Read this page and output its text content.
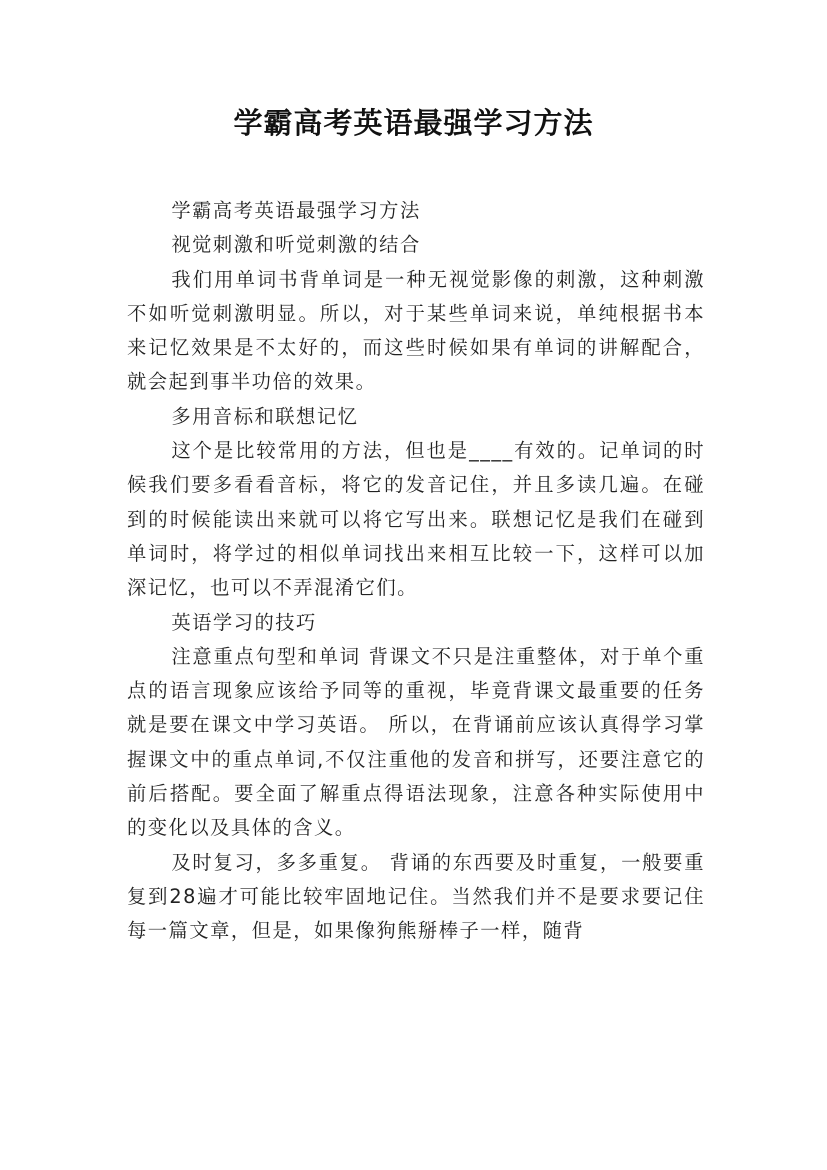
学霸高考英语最强学习方法

学霸高考英语最强学习方法

视觉刺激和听觉刺激的结合

我们用单词书背单词是一种无视觉影像的刺激，这种刺激不如听觉刺激明显。所以，对于某些单词来说，单纯根据书本来记忆效果是不太好的，而这些时候如果有单词的讲解配合，就会起到事半功倍的效果。

多用音标和联想记忆

这个是比较常用的方法，但也是____有效的。记单词的时候我们要多看看音标，将它的发音记住，并且多读几遍。在碰到的时候能读出来就可以将它写出来。联想记忆是我们在碰到单词时，将学过的相似单词找出来相互比较一下，这样可以加深记忆，也可以不弄混淆它们。

英语学习的技巧

注意重点句型和单词 背课文不只是注重整体，对于单个重点的语言现象应该给予同等的重视，毕竟背课文最重要的任务就是要在课文中学习英语。 所以，在背诵前应该认真得学习掌握课文中的重点单词,不仅注重他的发音和拼写，还要注意它的前后搭配。要全面了解重点得语法现象，注意各种实际使用中的变化以及具体的含义。

及时复习，多多重复。 背诵的东西要及时重复，一般要重复到28遍才可能比较牢固地记住。当然我们并不是要求要记住每一篇文章，但是，如果像狗熊掰棒子一样，随背
